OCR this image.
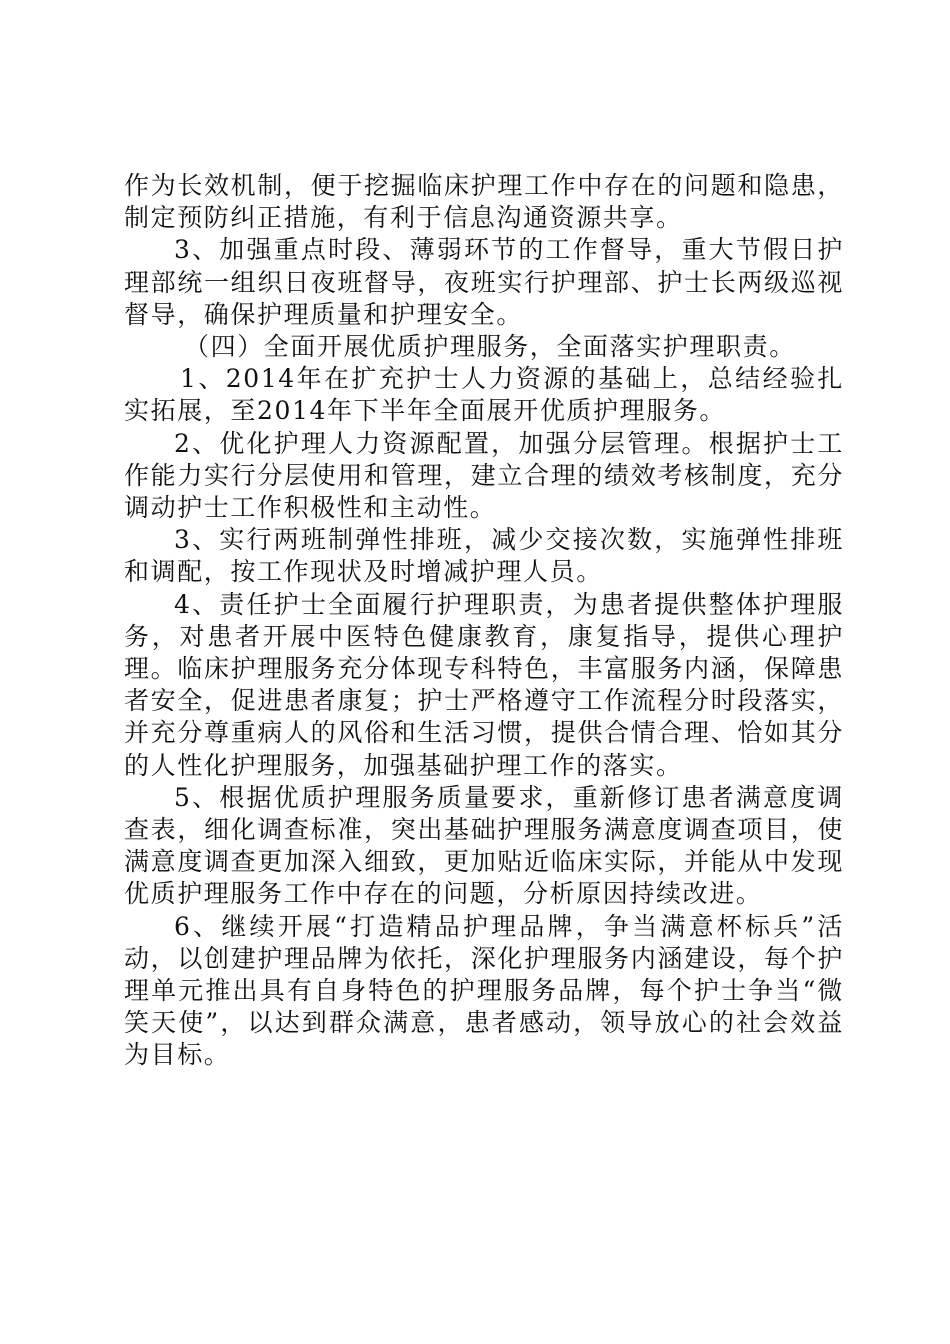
作为长效机制，便于挖掘临床护理工作中存在的问题和隐患，制定预防纠正措施，有利于信息沟通资源共享。

3、加强重点时段、薄弱环节的工作督导，重大节假日护理部统一组织日夜班督导，夜班实行护理部、护士长两级巡视督导，确保护理质量和护理安全。

（四）全面开展优质护理服务，全面落实护理职责。

1、2014年在扩充护士人力资源的基础上，总结经验扎实拓展，至2014年下半年全面展开优质护理服务。

2、优化护理人力资源配置，加强分层管理。根据护士工作能力实行分层使用和管理，建立合理的绩效考核制度，充分调动护士工作积极性和主动性。

3、实行两班制弹性排班，减少交接次数，实施弹性排班和调配，按工作现状及时增减护理人员。

4、责任护士全面履行护理职责，为患者提供整体护理服务，对患者开展中医特色健康教育，康复指导，提供心理护理。临床护理服务充分体现专科特色，丰富服务内涵，保障患者安全，促进患者康复；护士严格遵守工作流程分时段落实，并充分尊重病人的风俗和生活习惯，提供合情合理、恰如其分的人性化护理服务，加强基础护理工作的落实。

5、根据优质护理服务质量要求，重新修订患者满意度调查表，细化调查标准，突出基础护理服务满意度调查项目，使满意度调查更加深入细致，更加贴近临床实际，并能从中发现优质护理服务工作中存在的问题，分析原因持续改进。

6、继续开展“打造精品护理品牌，争当满意杯标兵”活动，以创建护理品牌为依托，深化护理服务内涵建设，每个护理单元推出具有自身特色的护理服务品牌，每个护士争当“微笑天使”，以达到群众满意，患者感动，领导放心的社会效益为目标。
